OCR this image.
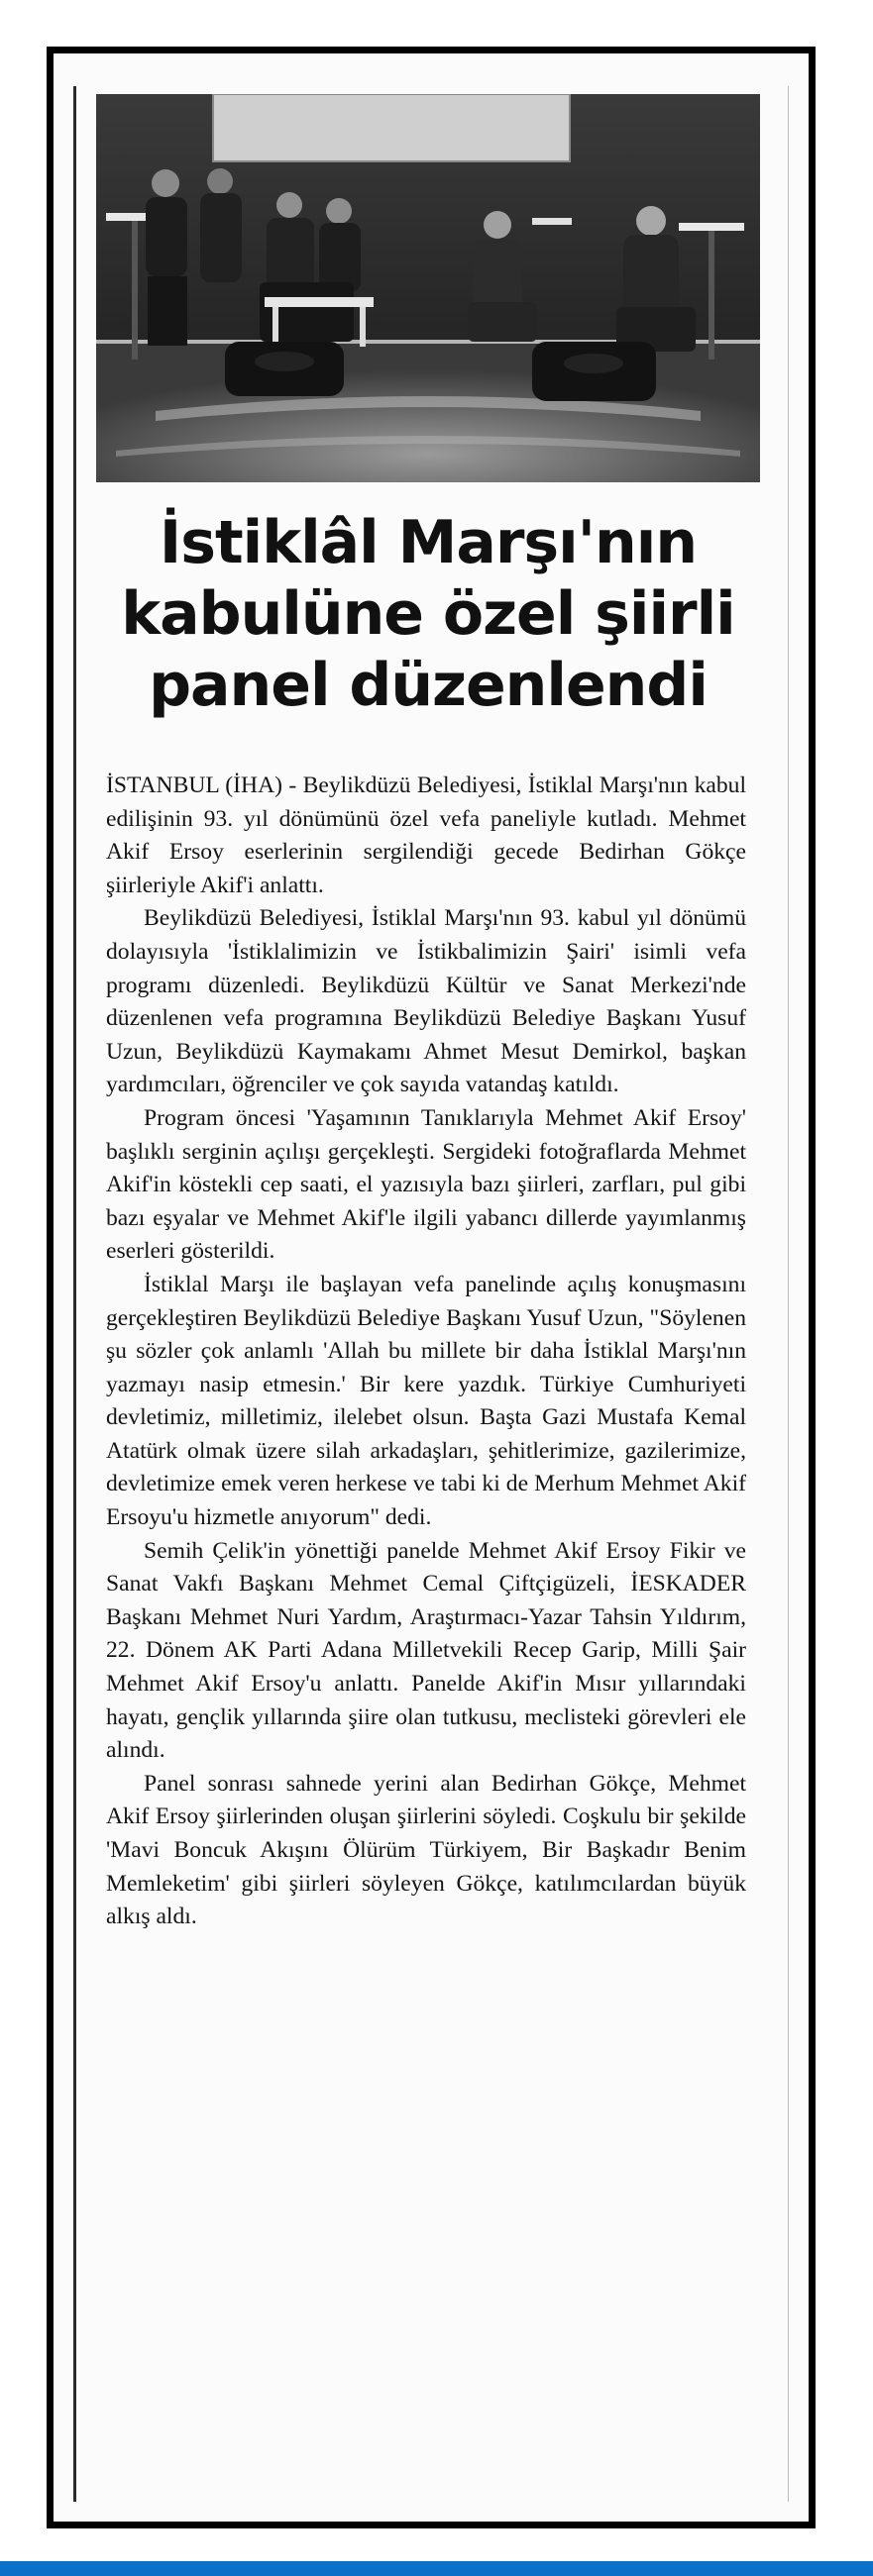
İstiklâl Marşı'nın
kabulüne özel şiirli
panel düzenlendi

İSTANBUL (İHA) - Beylikdüzü Belediyesi, İstiklal Marşı'nın kabul edilişinin 93. yıl dönümünü özel vefa paneliyle kutladı. Mehmet Akif Ersoy eserlerinin sergilendiği gecede Bedirhan Gökçe şiirleriyle Akif'i anlattı.

Beylikdüzü Belediyesi, İstiklal Marşı'nın 93. kabul yıl dönümü dolayısıyla 'İstiklalimizin ve İstikbalimizin Şairi' isimli vefa programı düzenledi. Beylikdüzü Kültür ve Sanat Merkezi'nde düzenlenen vefa programına Beylikdüzü Belediye Başkanı Yusuf Uzun, Beylikdüzü Kaymakamı Ahmet Mesut Demirkol, başkan yardımcıları, öğrenciler ve çok sayıda vatandaş katıldı.

Program öncesi 'Yaşamının Tanıklarıyla Mehmet Akif Ersoy' başlıklı serginin açılışı gerçekleşti. Sergideki fotoğraflarda Mehmet Akif'in köstekli cep saati, el yazısıyla bazı şiirleri, zarfları, pul gibi bazı eşyalar ve Mehmet Akif'le ilgili yabancı dillerde yayımlanmış eserleri gösterildi.

İstiklal Marşı ile başlayan vefa panelinde açılış konuşmasını gerçekleştiren Beylikdüzü Belediye Başkanı Yusuf Uzun, "Söylenen şu sözler çok anlamlı 'Allah bu millete bir daha İstiklal Marşı'nın yazmayı nasip etmesin.' Bir kere yazdık. Türkiye Cumhuriyeti devletimiz, milletimiz, ilelebet olsun. Başta Gazi Mustafa Kemal Atatürk olmak üzere silah arkadaşları, şehitlerimize, gazilerimize, devletimize emek veren herkese ve tabi ki de Merhum Mehmet Akif Ersoyu'u hizmetle anıyorum" dedi.

Semih Çelik'in yönettiği panelde Mehmet Akif Ersoy Fikir ve Sanat Vakfı Başkanı Mehmet Cemal Çiftçigüzeli, İESKADER Başkanı Mehmet Nuri Yardım, Araştırmacı-Yazar Tahsin Yıldırım, 22. Dönem AK Parti Adana Milletvekili Recep Garip, Milli Şair Mehmet Akif Ersoy'u anlattı. Panelde Akif'in Mısır yıllarındaki hayatı, gençlik yıllarında şiire olan tutkusu, meclisteki görevleri ele alındı.

Panel sonrası sahnede yerini alan Bedirhan Gökçe, Mehmet Akif Ersoy şiirlerinden oluşan şiirlerini söyledi. Coşkulu bir şekilde 'Mavi Boncuk Akışını Ölürüm Türkiyem, Bir Başkadır Benim Memleketim' gibi şiirleri söyleyen Gökçe, katılımcılardan büyük alkış aldı.
